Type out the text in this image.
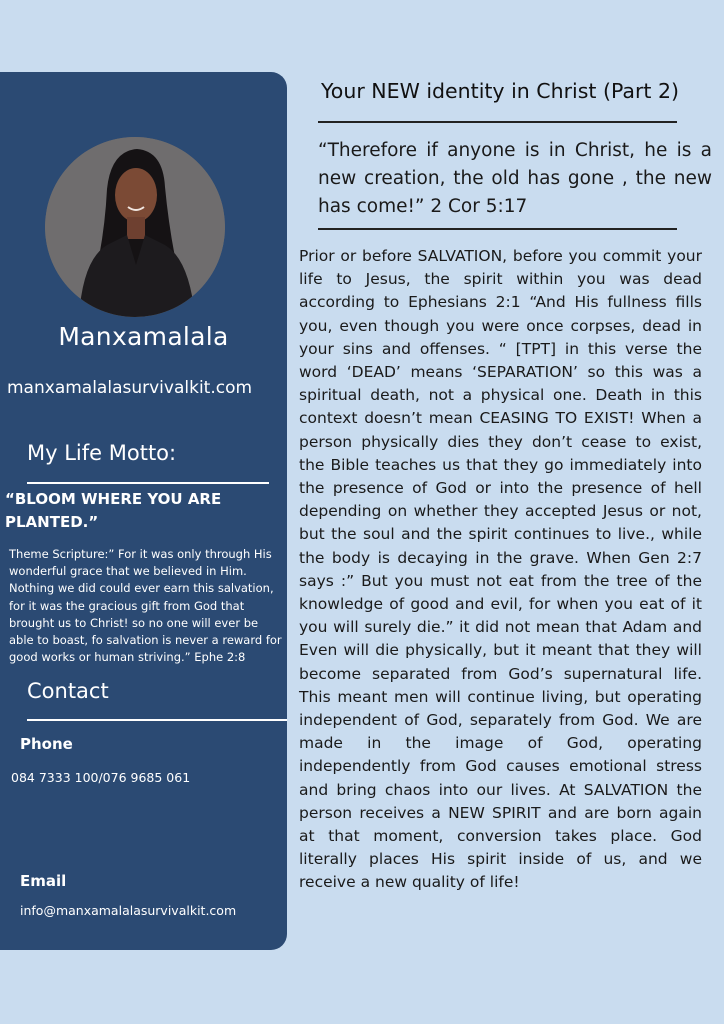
Manxamalala
manxamalalasurvivalkit.com
My Life Motto:
“BLOOM WHERE YOU ARE PLANTED.”
Theme Scripture:” For it was only through His wonderful grace that we believed in Him. Nothing we did could ever earn this salvation, for it was the gracious gift from God that brought us to Christ! so no one will ever be able to boast, fo salvation is never a reward for good works or human striving.” Ephe 2:8
Contact
Phone
084 7333 100/076 9685 061
Email
info@manxamalalasurvivalkit.com
Your NEW identity in Christ (Part 2)
“Therefore if anyone is in Christ, he is a new creation, the old has gone , the new has come!” 2 Cor 5:17
Prior or before SALVATION, before you commit your life to Jesus, the spirit within you was dead according to Ephesians 2:1 “And His fullness fills you, even though you were once corpses, dead in your sins and offenses. “ [TPT] in this verse the word ‘DEAD’ means ‘SEPARATION’ so this was a spiritual death, not a physical one. Death in this context doesn’t mean CEASING TO EXIST! When a person physically dies they don’t cease to exist, the Bible teaches us that they go immediately into the presence of God or into the presence of hell depending on whether they accepted Jesus or not, but the soul and the spirit continues to live., while the body is decaying in the grave. When Gen 2:7 says :” But you must not eat from the tree of the knowledge of good and evil, for when you eat of it you will surely die.” it did not mean that Adam and Even will die physically, but it meant that they will become separated from God’s supernatural life. This meant men will continue living, but operating independent of God, separately from God. We are made in the image of God, operating independently from God causes emotional stress and bring chaos into our lives. At SALVATION the person receives a NEW SPIRIT and are born again at that moment, conversion takes place. God literally places His spirit inside of us, and we receive a new quality of life!
